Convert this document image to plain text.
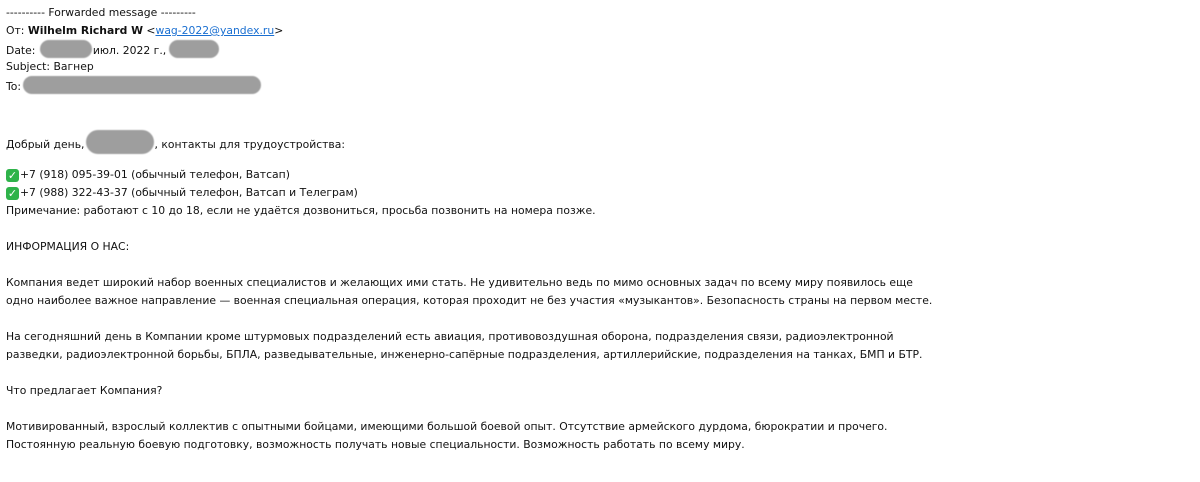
---------- Forwarded message ---------
От: Wilhelm Richard W <wag-2022@yandex.ru>
Date:	июл. 2022 г.,
Subject: Вагнер
To:
Добрый день,	, контакты для трудоустройства:
✓ +7 (918) 095-39-01 (обычный телефон, Ватсап)
✓ +7 (988) 322-43-37 (обычный телефон, Ватсап и Телеграм)
Примечание: работают с 10 до 18, если не удаётся дозвониться, просьба позвонить на номера позже.
ИНФОРМАЦИЯ О НАС:
Компания ведет широкий набор военных специалистов и желающих ими стать. Не удивительно ведь по мимо основных задач по всему миру появилось еще
одно наиболее важное направление — военная специальная операция, которая проходит не без участия «музыкантов». Безопасность страны на первом месте.
На сегодняшний день в Компании кроме штурмовых подразделений есть авиация, противовоздушная оборона, подразделения связи, радиоэлектронной
разведки, радиоэлектронной борьбы, БПЛА, разведывательные, инженерно-сапёрные подразделения, артиллерийские, подразделения на танках, БМП и БТР.
Что предлагает Компания?
Мотивированный, взрослый коллектив с опытными бойцами, имеющими большой боевой опыт. Отсутствие армейского дурдома, бюрократии и прочего.
Постоянную реальную боевую подготовку, возможность получать новые специальности. Возможность работать по всему миру.
